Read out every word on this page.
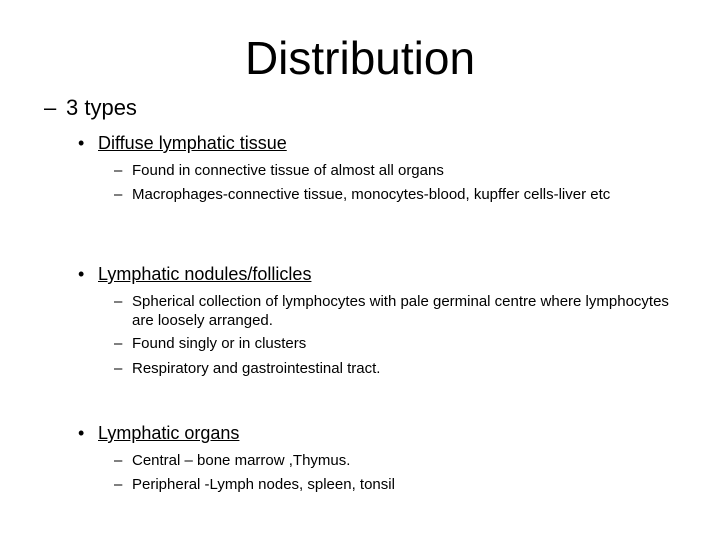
Distribution
– 3 types
• Diffuse lymphatic tissue
– Found in connective tissue of almost all organs
– Macrophages-connective tissue, monocytes-blood, kupffer cells-liver etc
• Lymphatic nodules/follicles
– Spherical collection of lymphocytes with pale germinal centre where lymphocytes are loosely arranged.
– Found singly or in clusters
– Respiratory and gastrointestinal tract.
• Lymphatic organs
– Central – bone marrow ,Thymus.
– Peripheral -Lymph nodes, spleen, tonsil
